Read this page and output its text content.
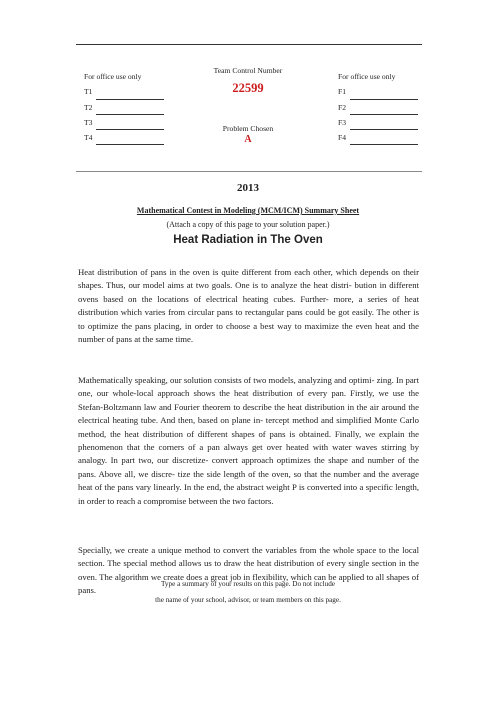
For office use only
T1
T2
T3
T4
Team Control Number
22599
Problem Chosen
A
For office use only
F1
F2
F3
F4
2013
Mathematical Contest in Modeling (MCM/ICM) Summary Sheet
(Attach a copy of this page to your solution paper.)
Heat Radiation in The Oven

Heat distribution of pans in the oven is quite different from each other, which depends on their shapes. Thus, our model aims at two goals. One is to analyze the heat distri- bution in different ovens based on the locations of electrical heating cubes. Further- more, a series of heat distribution which varies from circular pans to rectangular pans could be got easily. The other is to optimize the pans placing, in order to choose a best way to maximize the even heat and the number of pans at the same time.

Mathematically speaking, our solution consists of two models, analyzing and optimi- zing. In part one, our whole-local approach shows the heat distribution of every pan. Firstly, we use the Stefan-Boltzmann law and Fourier theorem to describe the heat distribution in the air around the electrical heating tube. And then, based on plane in- tercept method and simplified Monte Carlo method, the heat distribution of different shapes of pans is obtained. Finally, we explain the phenomenon that the corners of a pan always get over heated with water waves stirring by analogy. In part two, our discretize- convert approach optimizes the shape and number of the pans. Above all, we discre- tize the side length of the oven, so that the number and the average heat of the pans vary linearly. In the end, the abstract weight P is converted into a specific length, in order to reach a compromise between the two factors.

Specially, we create a unique method to convert the variables from the whole space to the local section. The special method allows us to draw the heat distribution of every single section in the oven. The algorithm we create does a great job in flexibility, which can be applied to all shapes of pans.

Type a summary of your results on this page. Do not include
the name of your school, advisor, or team members on this page.
